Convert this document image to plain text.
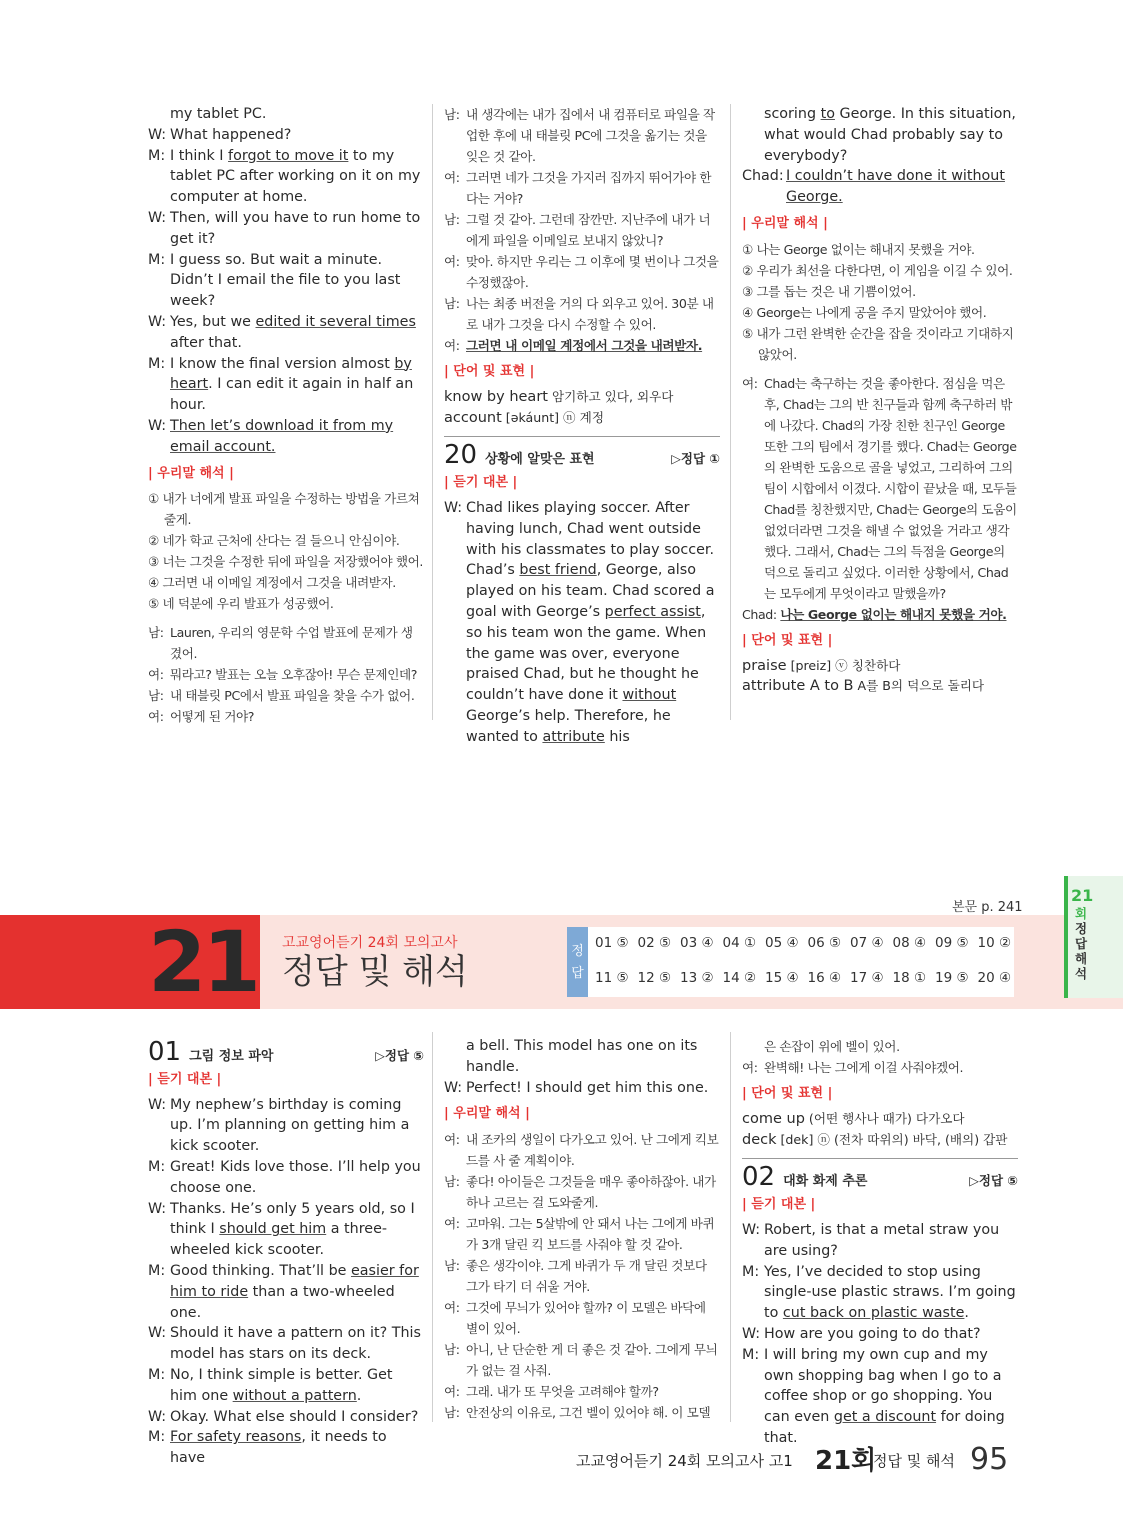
my tablet PC.

W: What happened?

M: I think I forgot to move it to my tablet PC after working on it on my computer at home.

W: Then, will you have to run home to get it?

M: I guess so. But wait a minute. Didn’t I email the file to you last week?

W: Yes, but we edited it several times after that.

M: I know the final version almost by heart. I can edit it again in half an hour.

W: Then let’s download it from my email account.

| 우리말 해석 |

① 내가 너에게 발표 파일을 수정하는 방법을 가르쳐줄게.

② 네가 학교 근처에 산다는 걸 들으니 안심이야.

③ 너는 그것을 수정한 뒤에 파일을 저장했어야 했어.

④ 그러면 내 이메일 계정에서 그것을 내려받자.

⑤ 네 덕분에 우리 발표가 성공했어.

남: Lauren, 우리의 영문학 수업 발표에 문제가 생겼어.

여: 뭐라고? 발표는 오늘 오후잖아! 무슨 문제인데?

남: 내 태블릿 PC에서 발표 파일을 찾을 수가 없어.

여: 어떻게 된 거야?

남: 내 생각에는 내가 집에서 내 컴퓨터로 파일을 작업한 후에 내 태블릿 PC에 그것을 옮기는 것을 잊은 것 같아.

여: 그러면 네가 그것을 가지러 집까지 뛰어가야 한다는 거야?

남: 그럴 것 같아. 그런데 잠깐만. 지난주에 내가 너에게 파일을 이메일로 보내지 않았니?

여: 맞아. 하지만 우리는 그 이후에 몇 번이나 그것을 수정했잖아.

남: 나는 최종 버전을 거의 다 외우고 있어. 30분 내로 내가 그것을 다시 수정할 수 있어.

여: 그러면 내 이메일 계정에서 그것을 내려받자.

| 단어 및 표현 |

know by heart 암기하고 있다, 외우다

account [əkáunt] ⓝ 계정

20 상황에 알맞은 표현	▷정답 ①
| 듣기 대본 |

W: Chad likes playing soccer. After having lunch, Chad went outside with his classmates to play soccer. Chad’s best friend, George, also played on his team. Chad scored a goal with George’s perfect assist, so his team won the game. When the game was over, everyone praised Chad, but he thought he couldn’t have done it without George’s help. Therefore, he wanted to attribute his

scoring to George. In this situation, what would Chad probably say to everybody?

Chad: I couldn’t have done it without George.

| 우리말 해석 |

① 나는 George 없이는 해내지 못했을 거야.

② 우리가 최선을 다한다면, 이 게임을 이길 수 있어.

③ 그를 돕는 것은 내 기쁨이었어.

④ George는 나에게 공을 주지 말았어야 했어.

⑤ 내가 그런 완벽한 순간을 잡을 것이라고 기대하지 않았어.

여: Chad는 축구하는 것을 좋아한다. 점심을 먹은 후, Chad는 그의 반 친구들과 함께 축구하러 밖에 나갔다. Chad의 가장 친한 친구인 George 또한 그의 팀에서 경기를 했다. Chad는 George의 완벽한 도움으로 골을 넣었고, 그리하여 그의 팀이 시합에서 이겼다. 시합이 끝났을 때, 모두들 Chad를 칭찬했지만, Chad는 George의 도움이 없었더라면 그것을 해낼 수 없었을 거라고 생각했다. 그래서, Chad는 그의 득점을 George의 덕으로 돌리고 싶었다. 이러한 상황에서, Chad는 모두에게 무엇이라고 말했을까?

Chad: 나는 George 없이는 해내지 못했을 거야.

| 단어 및 표현 |

praise [preiz] ⓥ 칭찬하다

attribute A to B A를 B의 덕으로 돌리다

본문 p. 241
21 고교영어듣기 24회 모의고사
정답 및 해석
정답
01 ⑤ 02 ⑤ 03 ④ 04 ① 05 ④ 06 ⑤ 07 ④ 08 ④ 09 ⑤ 10 ②
11 ⑤ 12 ⑤ 13 ② 14 ② 15 ④ 16 ④ 17 ④ 18 ① 19 ⑤ 20 ④
21
회
정
답
해
석
01 그림 정보 파악	▷정답 ⑤
| 듣기 대본 |

W: My nephew’s birthday is coming up. I’m planning on getting him a kick scooter.

M: Great! Kids love those. I’ll help you choose one.

W: Thanks. He’s only 5 years old, so I think I should get him a three-wheeled kick scooter.

M: Good thinking. That’ll be easier for him to ride than a two-wheeled one.

W: Should it have a pattern on it? This model has stars on its deck.

M: No, I think simple is better. Get him one without a pattern.

W: Okay. What else should I consider?

M: For safety reasons, it needs to have

a bell. This model has one on its handle.

W: Perfect! I should get him this one.

| 우리말 해석 |

여: 내 조카의 생일이 다가오고 있어. 난 그에게 킥보드를 사 줄 계획이야.

남: 좋다! 아이들은 그것들을 매우 좋아하잖아. 내가 하나 고르는 걸 도와줄게.

여: 고마워. 그는 5살밖에 안 돼서 나는 그에게 바퀴가 3개 달린 킥 보드를 사줘야 할 것 같아.

남: 좋은 생각이야. 그게 바퀴가 두 개 달린 것보다 그가 타기 더 쉬울 거야.

여: 그것에 무늬가 있어야 할까? 이 모델은 바닥에 별이 있어.

남: 아니, 난 단순한 게 더 좋은 것 같아. 그에게 무늬가 없는 걸 사줘.

여: 그래. 내가 또 무엇을 고려해야 할까?

남: 안전상의 이유로, 그건 벨이 있어야 해. 이 모델

은 손잡이 위에 벨이 있어.

여: 완벽해! 나는 그에게 이걸 사줘야겠어.

| 단어 및 표현 |

come up (어떤 행사나 때가) 다가오다

deck [dek] ⓝ (전차 따위의) 바닥, (배의) 갑판

02 대화 화제 추론	▷정답 ⑤
| 듣기 대본 |

W: Robert, is that a metal straw you are using?

M: Yes, I’ve decided to stop using single-use plastic straws. I’m going to cut back on plastic waste.

W: How are you going to do that?

M: I will bring my own cup and my own shopping bag when I go to a coffee shop or go shopping. You can even get a discount for doing that.

고교영어듣기 24회 모의고사 고1 21회
정답 및 해석 95
